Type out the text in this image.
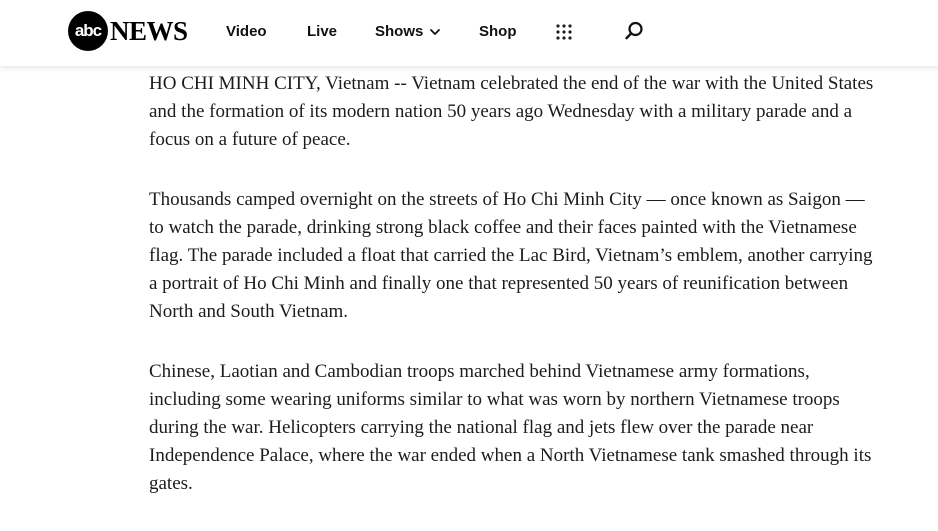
abc NEWS	Video	Live	Shows	Shop

HO CHI MINH CITY, Vietnam -- Vietnam celebrated the end of the war with the United States and the formation of its modern nation 50 years ago Wednesday with a military parade and a focus on a future of peace.

Thousands camped overnight on the streets of Ho Chi Minh City — once known as Saigon — to watch the parade, drinking strong black coffee and their faces painted with the Vietnamese flag. The parade included a float that carried the Lac Bird, Vietnam’s emblem, another carrying a portrait of Ho Chi Minh and finally one that represented 50 years of reunification between North and South Vietnam.

Chinese, Laotian and Cambodian troops marched behind Vietnamese army formations, including some wearing uniforms similar to what was worn by northern Vietnamese troops during the war. Helicopters carrying the national flag and jets flew over the parade near Independence Palace, where the war ended when a North Vietnamese tank smashed through its gates.
